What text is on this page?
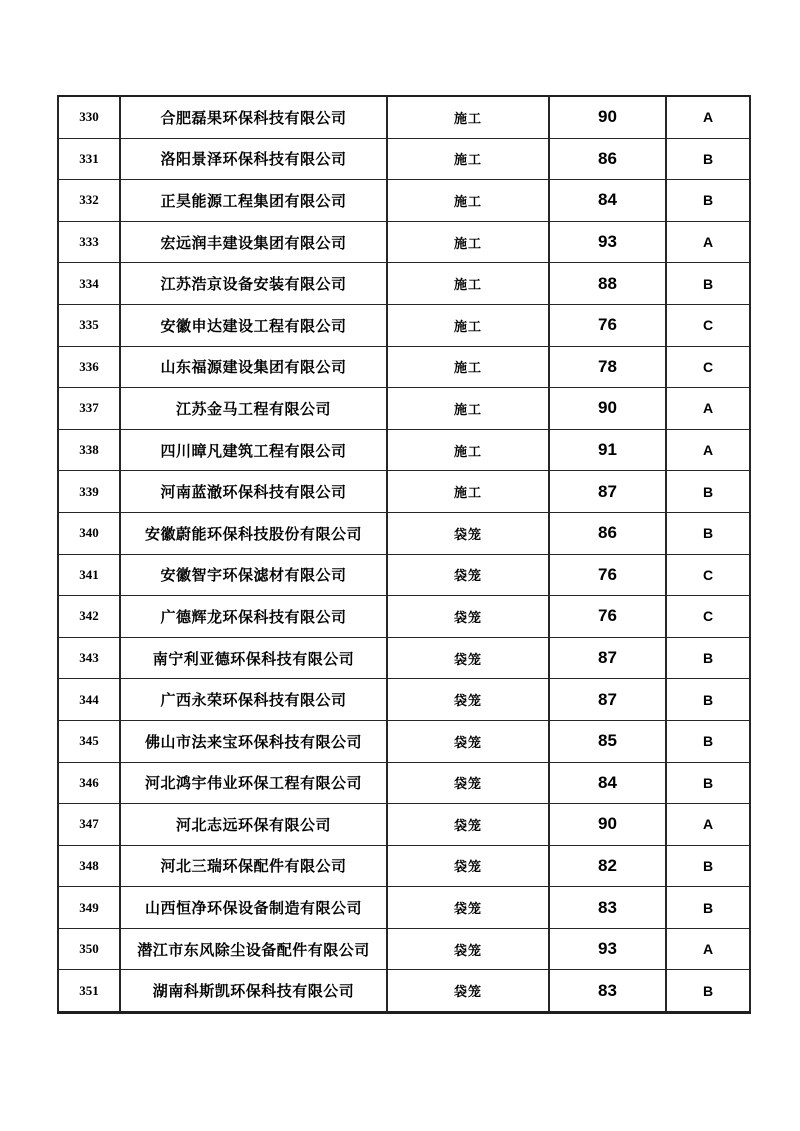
330	合肥磊果环保科技有限公司	施工	90	A
331	洛阳景泽环保科技有限公司	施工	86	B
332	正昊能源工程集团有限公司	施工	84	B
333	宏远润丰建设集团有限公司	施工	93	A
334	江苏浩京设备安装有限公司	施工	88	B
335	安徽申达建设工程有限公司	施工	76	C
336	山东福源建设集团有限公司	施工	78	C
337	江苏金马工程有限公司	施工	90	A
338	四川暲凡建筑工程有限公司	施工	91	A
339	河南蓝澈环保科技有限公司	施工	87	B
340	安徽蔚能环保科技股份有限公司	袋笼	86	B
341	安徽智宇环保滤材有限公司	袋笼	76	C
342	广德辉龙环保科技有限公司	袋笼	76	C
343	南宁利亚德环保科技有限公司	袋笼	87	B
344	广西永荣环保科技有限公司	袋笼	87	B
345	佛山市法来宝环保科技有限公司	袋笼	85	B
346	河北鸿宇伟业环保工程有限公司	袋笼	84	B
347	河北志远环保有限公司	袋笼	90	A
348	河北三瑞环保配件有限公司	袋笼	82	B
349	山西恒净环保设备制造有限公司	袋笼	83	B
350	潜江市东风除尘设备配件有限公司	袋笼	93	A
351	湖南科斯凯环保科技有限公司	袋笼	83	B
